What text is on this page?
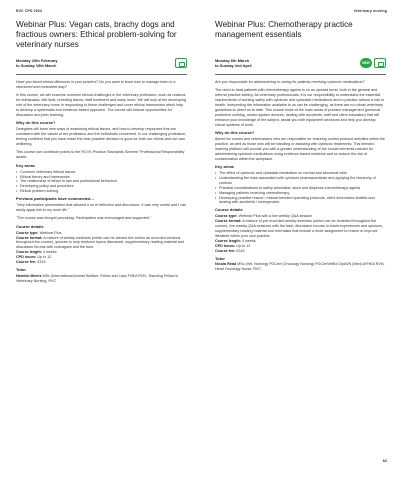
RVC CPD 2023	Veterinary nursing
Webinar Plus: Vegan cats, brachy dogs and fractious owners: Ethical problem-solving for veterinary nurses
Monday 20th February
to Sunday 19th March

Have you faced ethical dilemmas in your practice? Do you want to learn how to manage them in a structured and consistent way?

In this course, we will examine common ethical challenges in the veterinary profession, such as reasons for euthanasia, diet fads, breeding issues, staff treatment and many more. We will look at the developing role of the veterinary nurse in responding to these challenges and cover ethical frameworks which help to develop a systematic and evidence-based approach. The course will include opportunities for discussion and peer learning.

Why do this course?

Delegates will learn new ways of examining ethical issues, and how to develop responses that are consistent with the values of the profession and the individuals concerned. In our challenging profession, feeling confident that you have made the best possible decision is good for both our clients and our own wellbeing.

This course can contribute points to the RCVS Practice Standards Scheme 'Professional Responsibility' award.

Key areas
• Common veterinary ethical issues
• Ethical theory and frameworks
• The relationship of ethics to law and professional behaviour
• Developing policy and procedure
• Ethical problem-solving
Previous participants have commented...

"Very informative presentation that allowed a lot of reflection and discussion. It was very useful and I can easily apply this to my work life."

"The course was thought provoking. Participation was encouraged and supported."

Course details
Course type: Webinar Plus
Course format: A mixture of weekly webinars (which can be viewed live and/or as recorded versions throughout the course), quizzes to help reinforce topics discussed, supplementary reading material and discussion forums with colleagues and the tutor
Course length: 4 weeks
CPD hours: Up to 12
Course fee: £315
Tutor
Hamish Morris MSc (International Animal Welfare, Ethics and Law) FHEA RVN, Teaching Fellow in Veterinary Nursing, RVC
Webinar Plus: Chemotherapy practice management essentials
Monday 6th March
to Sunday 2nd April
NEW

Are you responsible for administering or caring for patients receiving cytotoxic medications?

The need to treat patients with chemotherapy agents is on an upward trend, both in the general and referral practice setting. As veterinary professionals, it is our responsibility to understand the essential requirements of working safely with cytotoxic and cytostatic medications and to practice without a risk to health. Interpreting the information available to us can be challenging, as there are no robust veterinary guidelines to direct us to date. This course looks at the main areas of practice management (personal protective clothing, closed system devices, dealing with accidents, staff and client education) that will enhance your knowledge of the subject, assist you with equipment decisions and help you develop robust systems of work.

Why do this course?

Aimed for nurses and veterinarians who are responsible for ensuring correct protocol activities within the practice, as well as those who will be handling or assisting with cytotoxic treatments. This blended learning platform will provide you with a greater understanding of the crucial elements needed for administering cytotoxic medications using evidence-based medicine and so reduce the risk of contamination within the workplace.

Key areas
• The effect of cytotoxic and cytostatic medication on normal and abnormal cells
• Understanding the risks associated with cytotoxic pharmaceuticals and applying the hierarchy of controls
• Practical considerations to safely administer, store and dispense chemotherapy agents
• Managing patients receiving chemotherapy
• Developing practice rescue / misuse blended operating protocols, client information leaflets and dealing with accidents / emergencies
Course details
Course type: Webinar Plus with a live weekly Q&A session
Course format: A mixture of pre-recorded weekly webinars (which can be reviewed throughout the course), live weekly Q&A sessions with the tutor, discussion forums to share experiences and opinions, supplementary reading material and mini tasks that include a short assignment to review or improve literature within your own practice
Course length: 4 weeks
CPD hours: Up to 12
Course fee: £315
Tutor
Nicola Read MSc (Vet. Nursing) PGCert (Oncology Nursing) PGCertVetEd DipAVN (Med) AFHEA RVN, Head Oncology Nurse, RVC
62
